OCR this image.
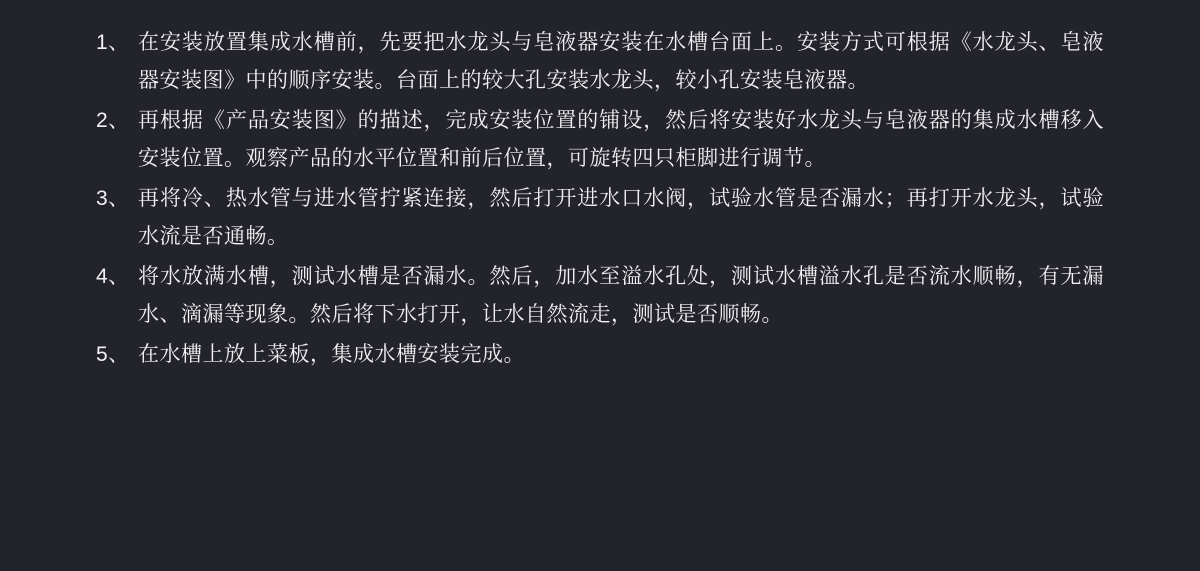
1、 在安装放置集成水槽前，先要把水龙头与皂液器安装在水槽台面上。安装方式可根据《水龙头、皂液器安装图》中的顺序安装。台面上的较大孔安装水龙头，较小孔安装皂液器。
2、 再根据《产品安装图》的描述，完成安装位置的铺设，然后将安装好水龙头与皂液器的集成水槽移入安装位置。观察产品的水平位置和前后位置，可旋转四只柜脚进行调节。
3、 再将冷、热水管与进水管拧紧连接，然后打开进水口水阀，试验水管是否漏水；再打开水龙头，试验水流是否通畅。
4、 将水放满水槽，测试水槽是否漏水。然后，加水至溢水孔处，测试水槽溢水孔是否流水顺畅，有无漏水、滴漏等现象。然后将下水打开，让水自然流走，测试是否顺畅。
5、 在水槽上放上菜板，集成水槽安装完成。
